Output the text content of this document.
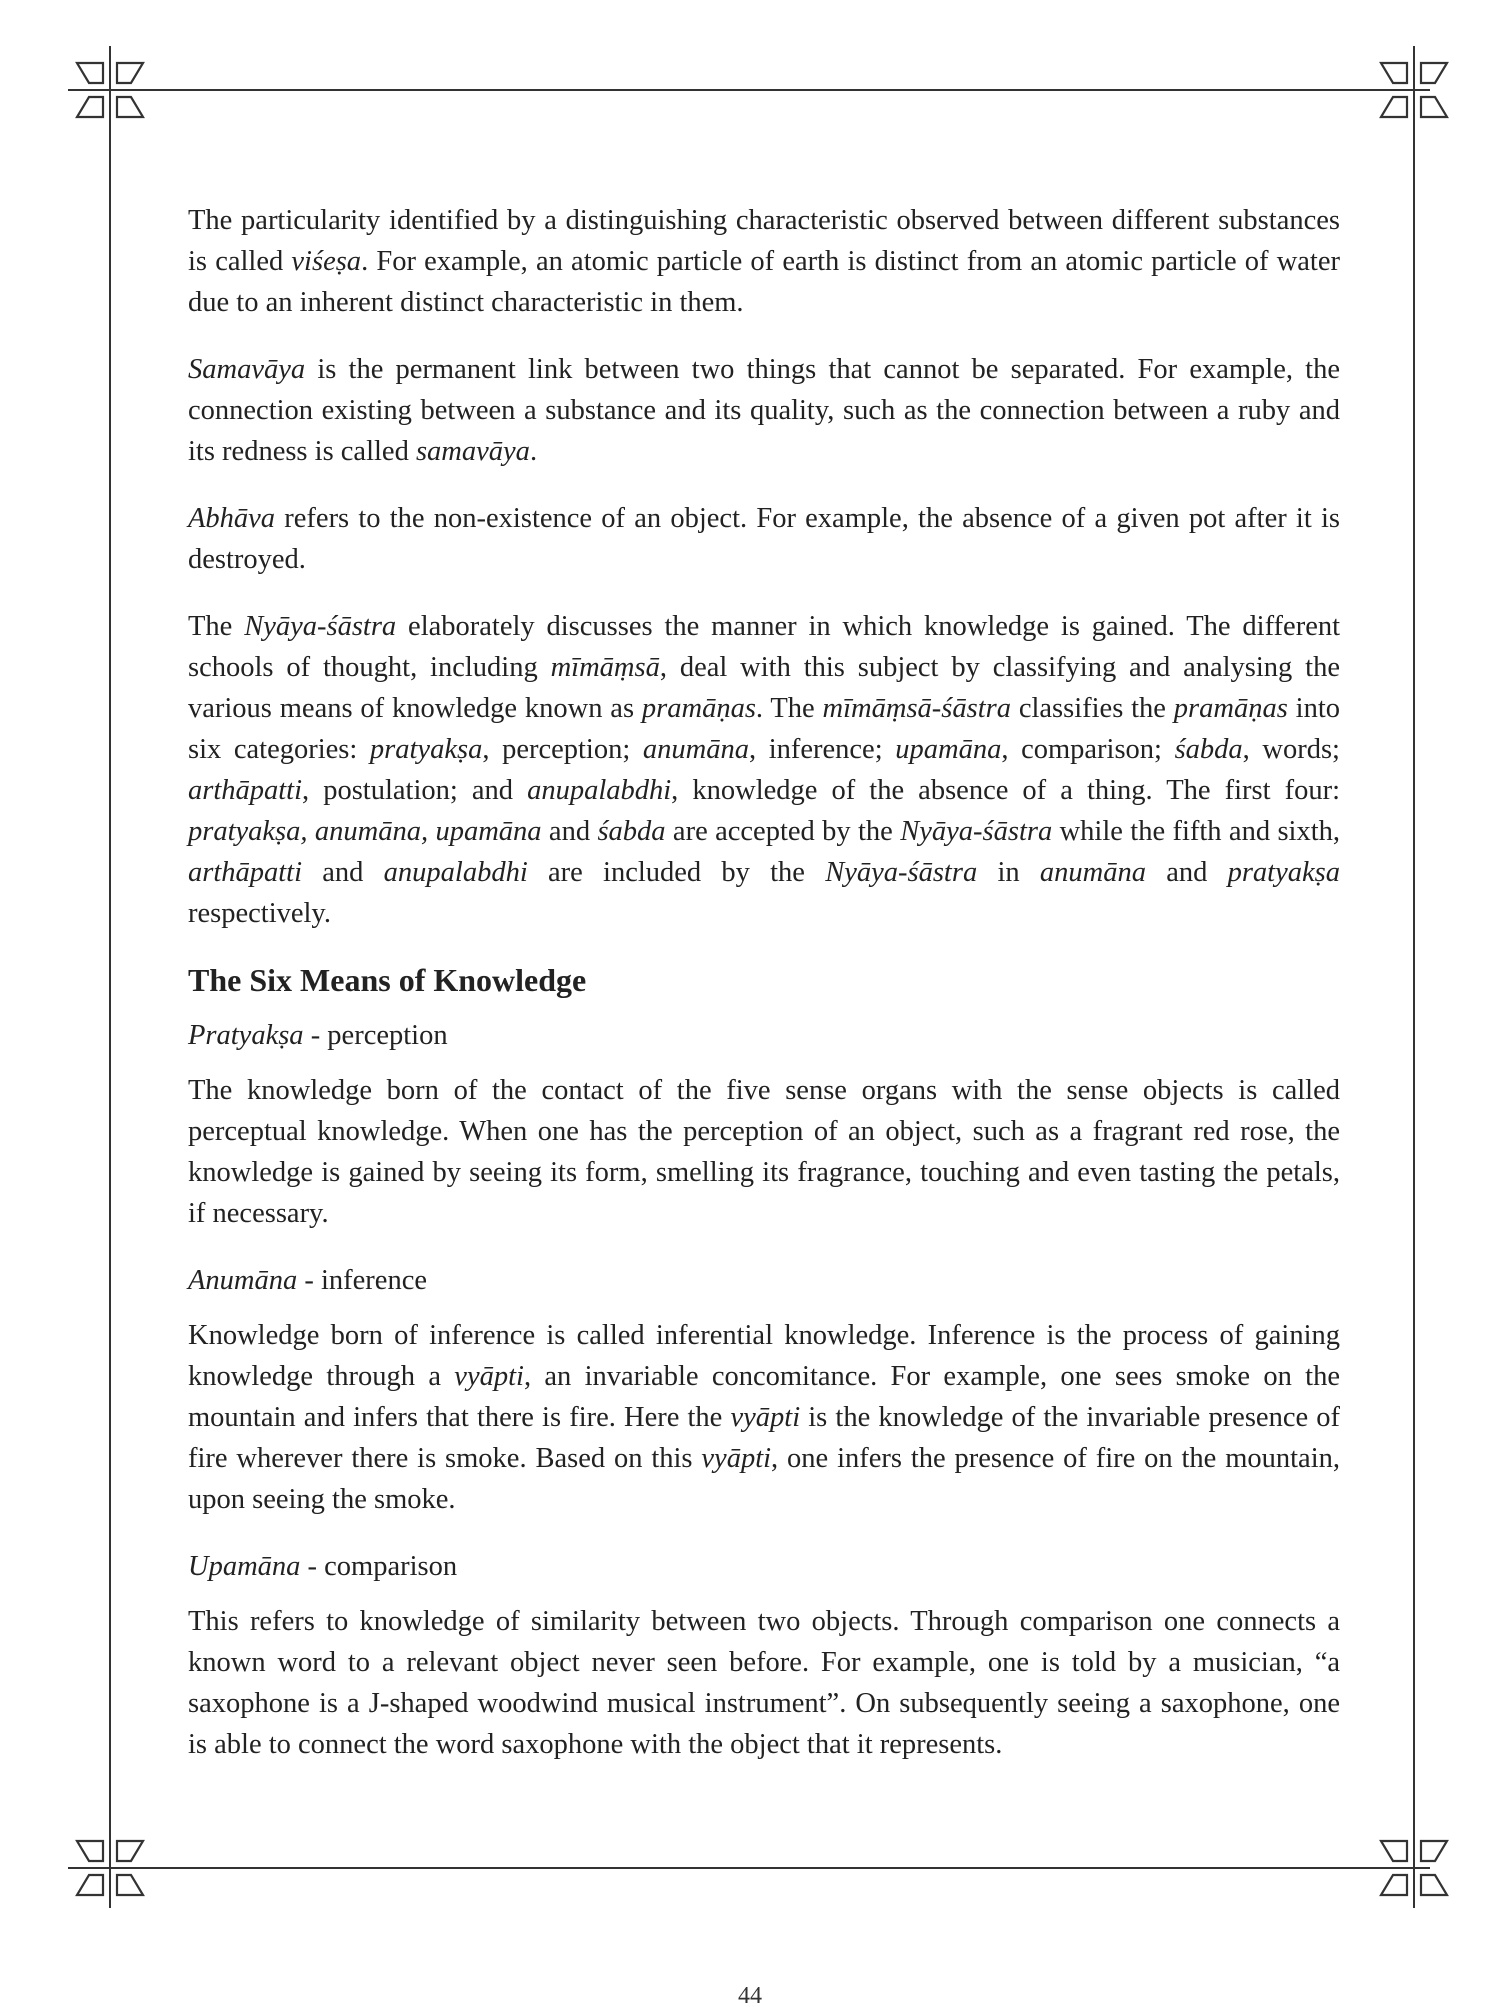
The particularity identified by a distinguishing characteristic observed between different substances is called viśeṣa. For example, an atomic particle of earth is distinct from an atomic particle of water due to an inherent distinct characteristic in them.

Samavāya is the permanent link between two things that cannot be separated. For example, the connection existing between a substance and its quality, such as the connection between a ruby and its redness is called samavāya.

Abhāva refers to the non-existence of an object. For example, the absence of a given pot after it is destroyed.

The Nyāya-śāstra elaborately discusses the manner in which knowledge is gained. The different schools of thought, including mīmāṃsā, deal with this subject by classifying and analysing the various means of knowledge known as pramāṇas. The mīmāṃsā-śāstra classifies the pramāṇas into six categories: pratyakṣa, perception; anumāna, inference; upamāna, comparison; śabda, words; arthāpatti, postulation; and anupalabdhi, knowledge of the absence of a thing. The first four: pratyakṣa, anumāna, upamāna and śabda are accepted by the Nyāya-śāstra while the fifth and sixth, arthāpatti and anupalabdhi are included by the Nyāya-śāstra in anumāna and pratyakṣa respectively.

The Six Means of Knowledge
Pratyakṣa - perception

The knowledge born of the contact of the five sense organs with the sense objects is called perceptual knowledge. When one has the perception of an object, such as a fragrant red rose, the knowledge is gained by seeing its form, smelling its fragrance, touching and even tasting the petals, if necessary.

Anumāna - inference

Knowledge born of inference is called inferential knowledge. Inference is the process of gaining knowledge through a vyāpti, an invariable concomitance. For example, one sees smoke on the mountain and infers that there is fire. Here the vyāpti is the knowledge of the invariable presence of fire wherever there is smoke. Based on this vyāpti, one infers the presence of fire on the mountain, upon seeing the smoke.

Upamāna - comparison

This refers to knowledge of similarity between two objects. Through comparison one connects a known word to a relevant object never seen before. For example, one is told by a musician, “a saxophone is a J-shaped woodwind musical instrument”. On subsequently seeing a saxophone, one is able to connect the word saxophone with the object that it represents.

44
